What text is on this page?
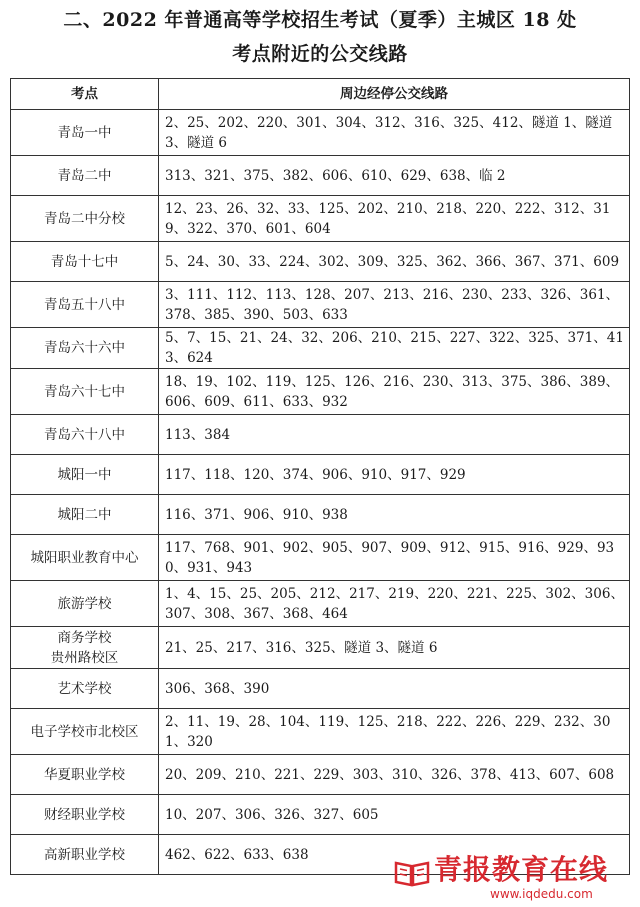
二、2022 年普通高等学校招生考试（夏季）主城区 18 处
考点附近的公交线路
考点	周边经停公交线路
青岛一中	2、25、202、220、301、304、312、316、325、412、隧道 1、隧道 3、隧道 6
青岛二中	313、321、375、382、606、610、629、638、临 2
青岛二中分校	12、23、26、32、33、125、202、210、218、220、222、312、319、322、370、601、604
青岛十七中	5、24、30、33、224、302、309、325、362、366、367、371、609
青岛五十八中	3、111、112、113、128、207、213、216、230、233、326、361、378、385、390、503、633
青岛六十六中	5、7、15、21、24、32、206、210、215、227、322、325、371、413、624
青岛六十七中	18、19、102、119、125、126、216、230、313、375、386、389、606、609、611、633、932
青岛六十八中	113、384
城阳一中	117、118、120、374、906、910、917、929
城阳二中	116、371、906、910、938
城阳职业教育中心	117、768、901、902、905、907、909、912、915、916、929、930、931、943
旅游学校	1、4、15、25、205、212、217、219、220、221、225、302、306、307、308、367、368、464
商务学校
贵州路校区	21、25、217、316、325、隧道 3、隧道 6
艺术学校	306、368、390
电子学校市北校区	2、11、19、28、104、119、125、218、222、226、229、232、301、320
华夏职业学校	20、209、210、221、229、303、310、326、378、413、607、608
财经职业学校	10、207、306、326、327、605
高新职业学校	462、622、633、638	青报教育在线
www.iqdedu.com
